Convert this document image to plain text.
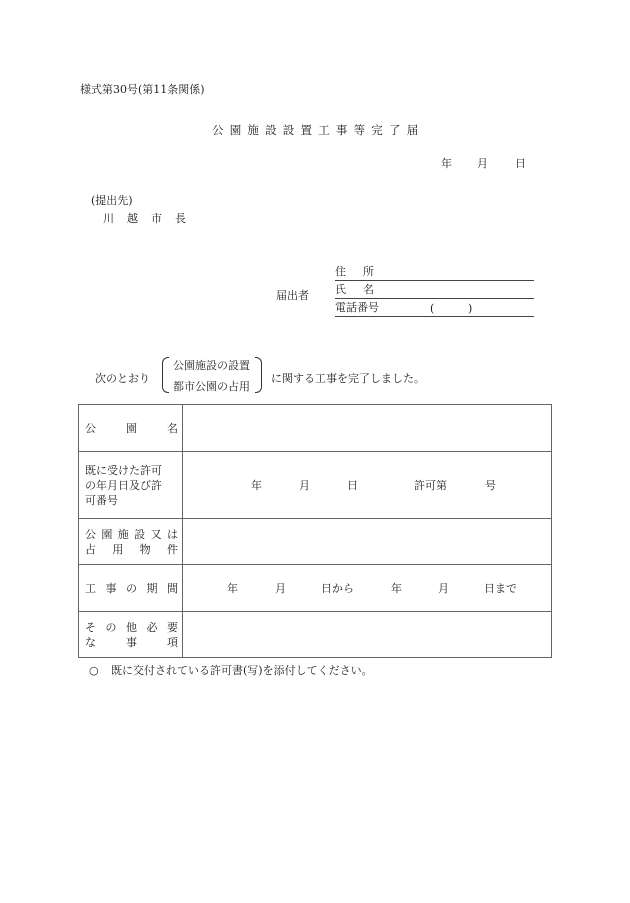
様式第30号(第11条関係)
公園施設設置工事等完了届
年 月 日
(提出先)
川越市長
届出者
住所
氏名
電話番号	(	)
次のとおり
公園施設の設置
都市公園の占用
に関する工事を完了しました。
公 園 名	

既に受けた許可
の年月日及び許
可番号

年	月	日	許可第	号

公 園 施 設 又 は
占 用 物 件

工 事 の 期 間	年	月	日から	年	月	日まで

そ の 他 必 要
な	事	項

○ 既に交付されている許可書(写)を添付してください。
